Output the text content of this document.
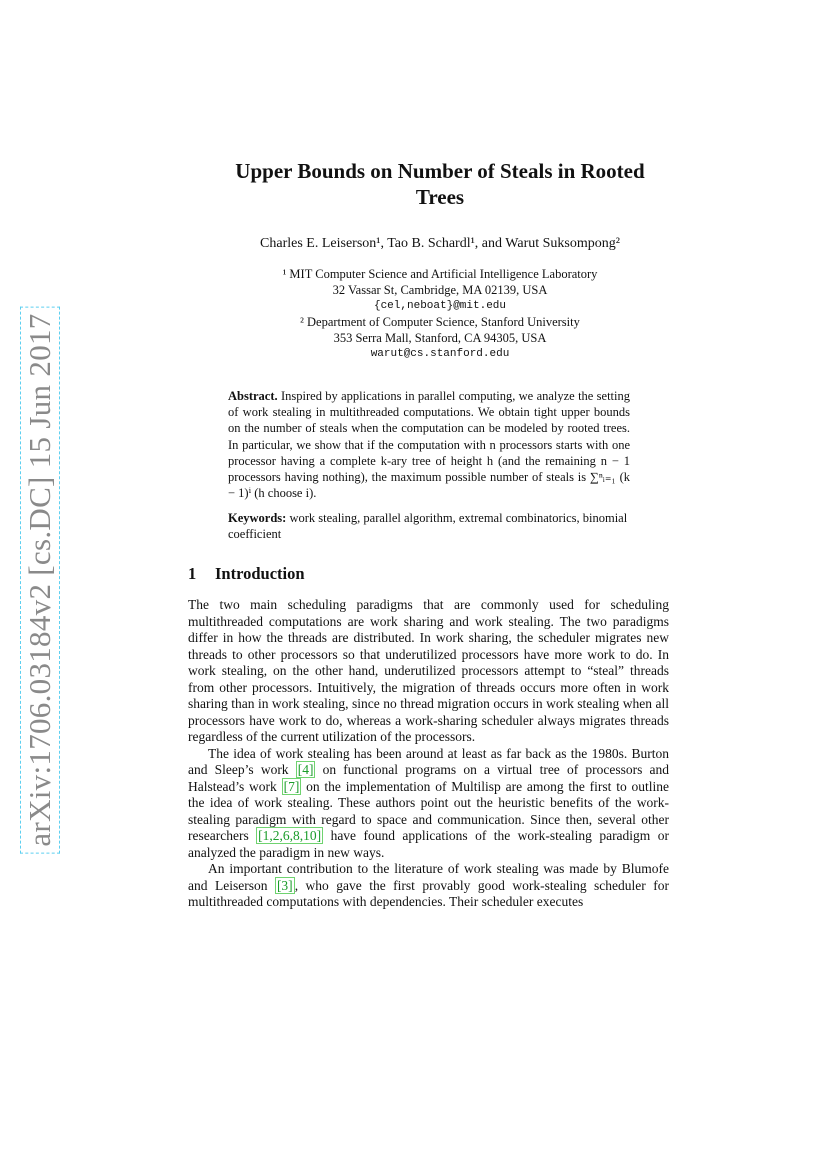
arXiv:1706.03184v2 [cs.DC] 15 Jun 2017
Upper Bounds on Number of Steals in Rooted
Trees
Charles E. Leiserson¹, Tao B. Schardl¹, and Warut Suksompong²
¹ MIT Computer Science and Artificial Intelligence Laboratory
32 Vassar St, Cambridge, MA 02139, USA
{cel,neboat}@mit.edu
² Department of Computer Science, Stanford University
353 Serra Mall, Stanford, CA 94305, USA
warut@cs.stanford.edu
Abstract. Inspired by applications in parallel computing, we analyze the setting of work stealing in multithreaded computations. We obtain tight upper bounds on the number of steals when the computation can be modeled by rooted trees. In particular, we show that if the computation with n processors starts with one processor having a complete k-ary tree of height h (and the remaining n − 1 processors having nothing), the maximum possible number of steals is ∑ⁿᵢ₌₁ (k − 1)ⁱ (h choose i).
Keywords: work stealing, parallel algorithm, extremal combinatorics, binomial coefficient
1 Introduction

The two main scheduling paradigms that are commonly used for scheduling multithreaded computations are work sharing and work stealing. The two paradigms differ in how the threads are distributed. In work sharing, the scheduler migrates new threads to other processors so that underutilized processors have more work to do. In work stealing, on the other hand, underutilized processors attempt to “steal” threads from other processors. Intuitively, the migration of threads occurs more often in work sharing than in work stealing, since no thread migration occurs in work stealing when all processors have work to do, whereas a work-sharing scheduler always migrates threads regardless of the current utilization of the processors.

The idea of work stealing has been around at least as far back as the 1980s. Burton and Sleep’s work [4] on functional programs on a virtual tree of processors and Halstead’s work [7] on the implementation of Multilisp are among the first to outline the idea of work stealing. These authors point out the heuristic benefits of the work-stealing paradigm with regard to space and communication. Since then, several other researchers [1,2,6,8,10] have found applications of the work-stealing paradigm or analyzed the paradigm in new ways.

An important contribution to the literature of work stealing was made by Blumofe and Leiserson [3] , who gave the first provably good work-stealing scheduler for multithreaded computations with dependencies. Their scheduler executes
